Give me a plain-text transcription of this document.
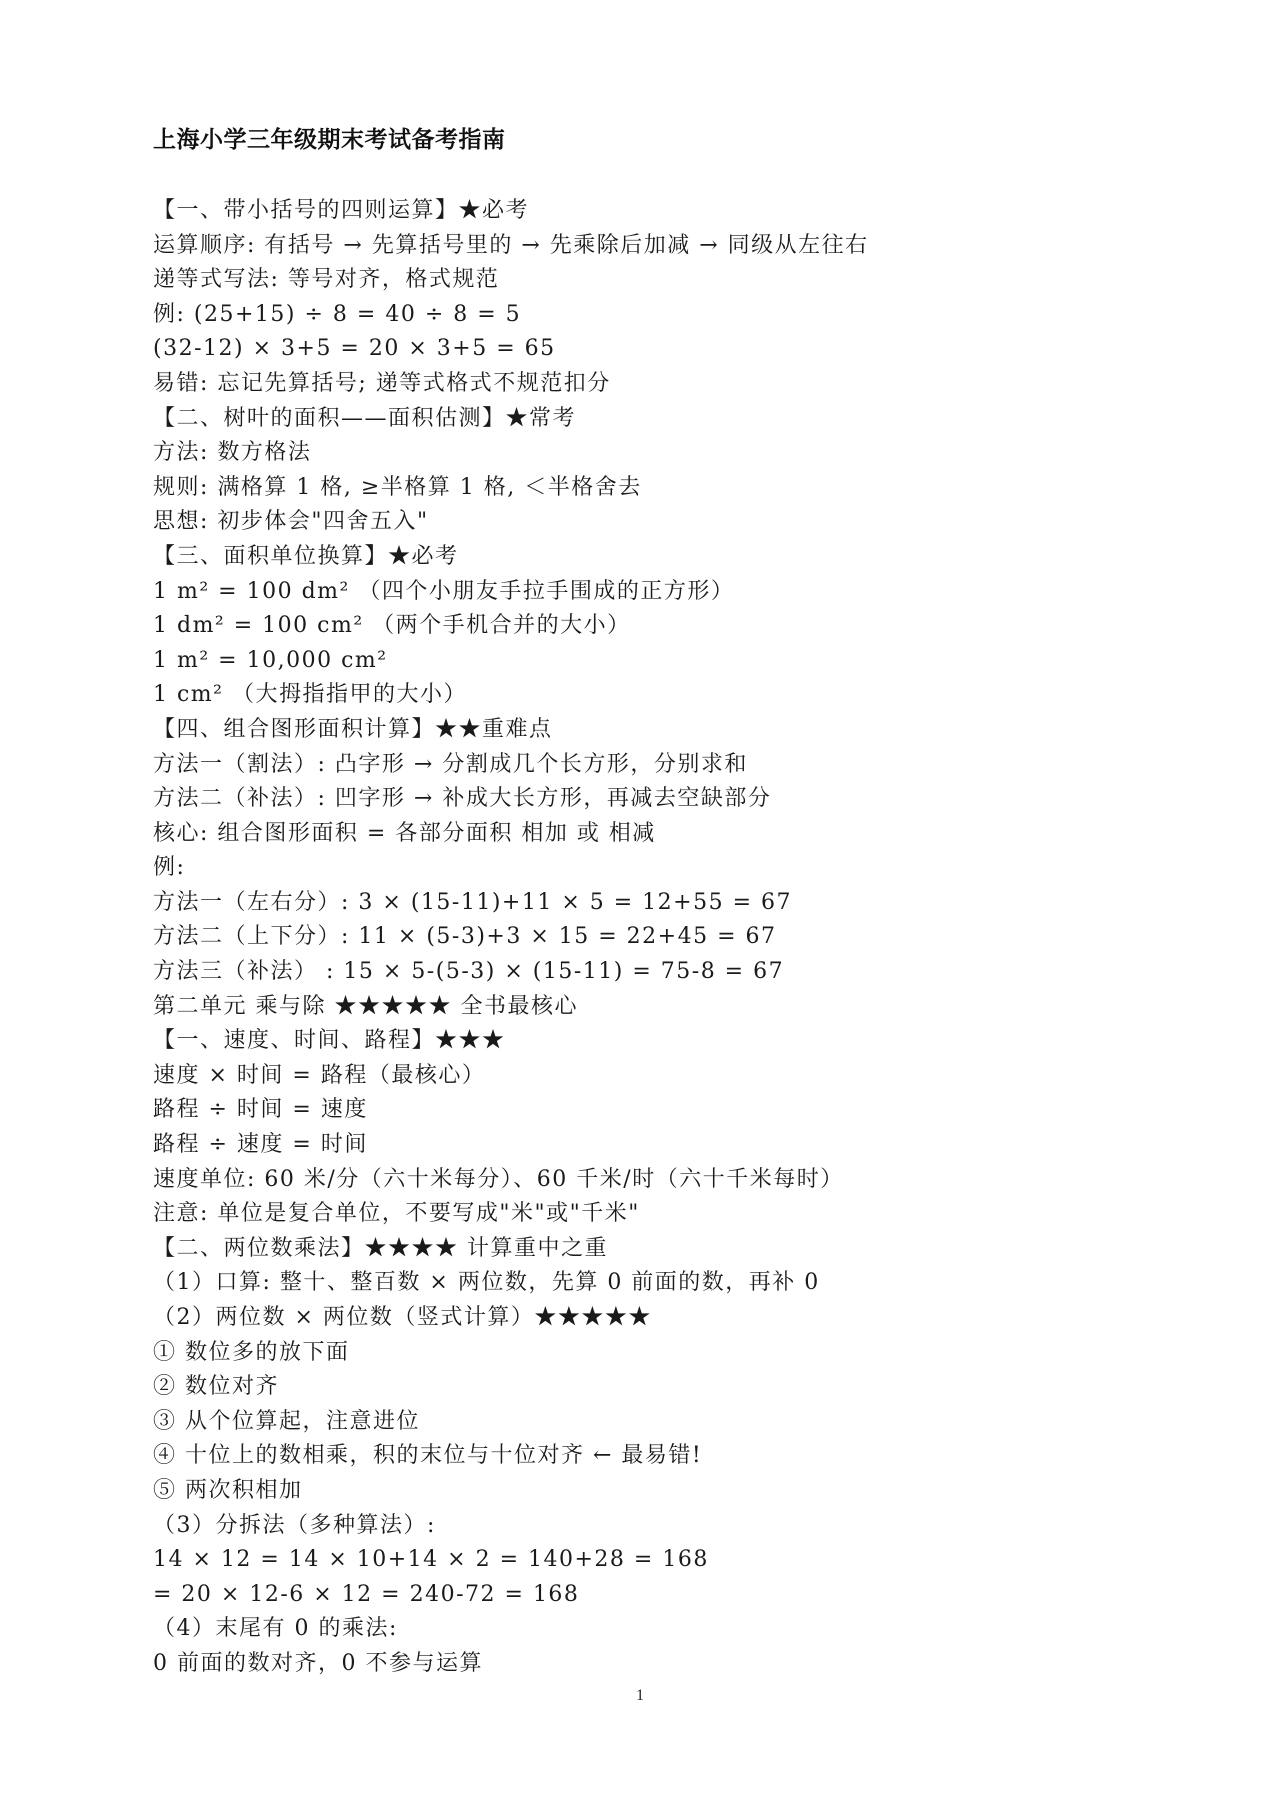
上海小学三年级期末考试备考指南
【一、带小括号的四则运算】★必考
运算顺序: 有括号 → 先算括号里的 → 先乘除后加减 → 同级从左往右
递等式写法: 等号对齐，格式规范
例: (25+15) ÷ 8 = 40 ÷ 8 = 5
(32-12) × 3+5 = 20 × 3+5 = 65
易错: 忘记先算括号; 递等式格式不规范扣分
【二、树叶的面积——面积估测】★常考
方法: 数方格法
规则: 满格算 1 格, ≥半格算 1 格, ＜半格舍去
思想: 初步体会"四舍五入"
【三、面积单位换算】★必考
1 m² = 100 dm² （四个小朋友手拉手围成的正方形）
1 dm² = 100 cm² （两个手机合并的大小）
1 m² = 10,000 cm²
1 cm² （大拇指指甲的大小）
【四、组合图形面积计算】★★重难点
方法一（割法）: 凸字形 → 分割成几个长方形，分别求和
方法二（补法）: 凹字形 → 补成大长方形，再减去空缺部分
核心: 组合图形面积 = 各部分面积 相加 或 相减
例:
方法一（左右分）: 3 × (15-11)+11 × 5 = 12+55 = 67
方法二（上下分）: 11 × (5-3)+3 × 15 = 22+45 = 67
方法三（补法） : 15 × 5-(5-3) × (15-11) = 75-8 = 67
第二单元 乘与除 ★★★★★ 全书最核心
【一、速度、时间、路程】★★★
速度 × 时间 = 路程（最核心）
路程 ÷ 时间 = 速度
路程 ÷ 速度 = 时间
速度单位: 60 米/分（六十米每分）、60 千米/时（六十千米每时）
注意: 单位是复合单位，不要写成"米"或"千米"
【二、两位数乘法】★★★★ 计算重中之重
（1）口算: 整十、整百数 × 两位数，先算 0 前面的数，再补 0
（2）两位数 × 两位数（竖式计算）★★★★★
① 数位多的放下面
② 数位对齐
③ 从个位算起，注意进位
④ 十位上的数相乘，积的末位与十位对齐 ← 最易错!
⑤ 两次积相加
（3）分拆法（多种算法）:
14 × 12 = 14 × 10+14 × 2 = 140+28 = 168
= 20 × 12-6 × 12 = 240-72 = 168
（4）末尾有 0 的乘法:
0 前面的数对齐，0 不参与运算
1
